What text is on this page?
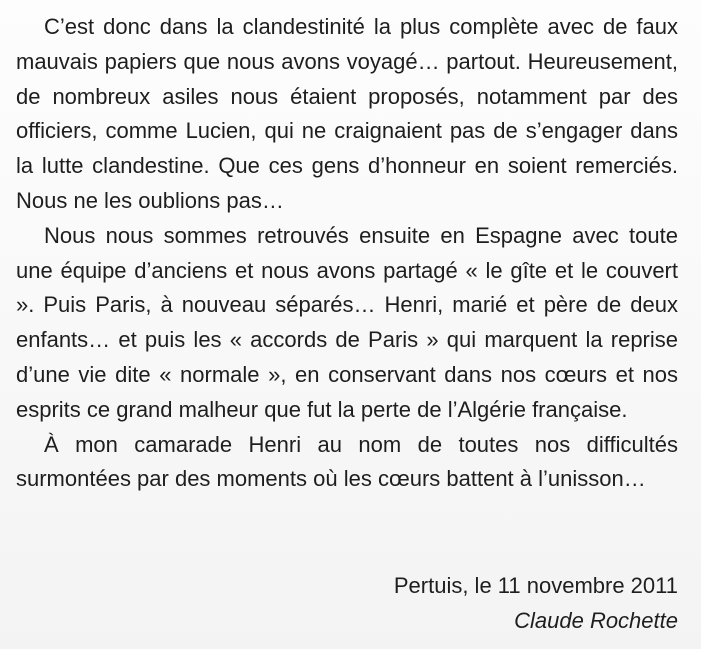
C’est donc dans la clandestinité la plus complète avec de faux mauvais papiers que nous avons voyagé… partout. Heureusement, de nombreux asiles nous étaient proposés, notamment par des officiers, comme Lucien, qui ne craignaient pas de s’engager dans la lutte clandestine. Que ces gens d’honneur en soient remerciés. Nous ne les oublions pas…

Nous nous sommes retrouvés ensuite en Espagne avec toute une équipe d’anciens et nous avons partagé « le gîte et le couvert ». Puis Paris, à nouveau séparés… Henri, marié et père de deux enfants… et puis les « accords de Paris » qui marquent la reprise d’une vie dite « normale », en conservant dans nos cœurs et nos esprits ce grand malheur que fut la perte de l’Algérie française.

À mon camarade Henri au nom de toutes nos difficultés surmontées par des moments où les cœurs battent à l’unisson…

Pertuis, le 11 novembre 2011
Claude Rochette
